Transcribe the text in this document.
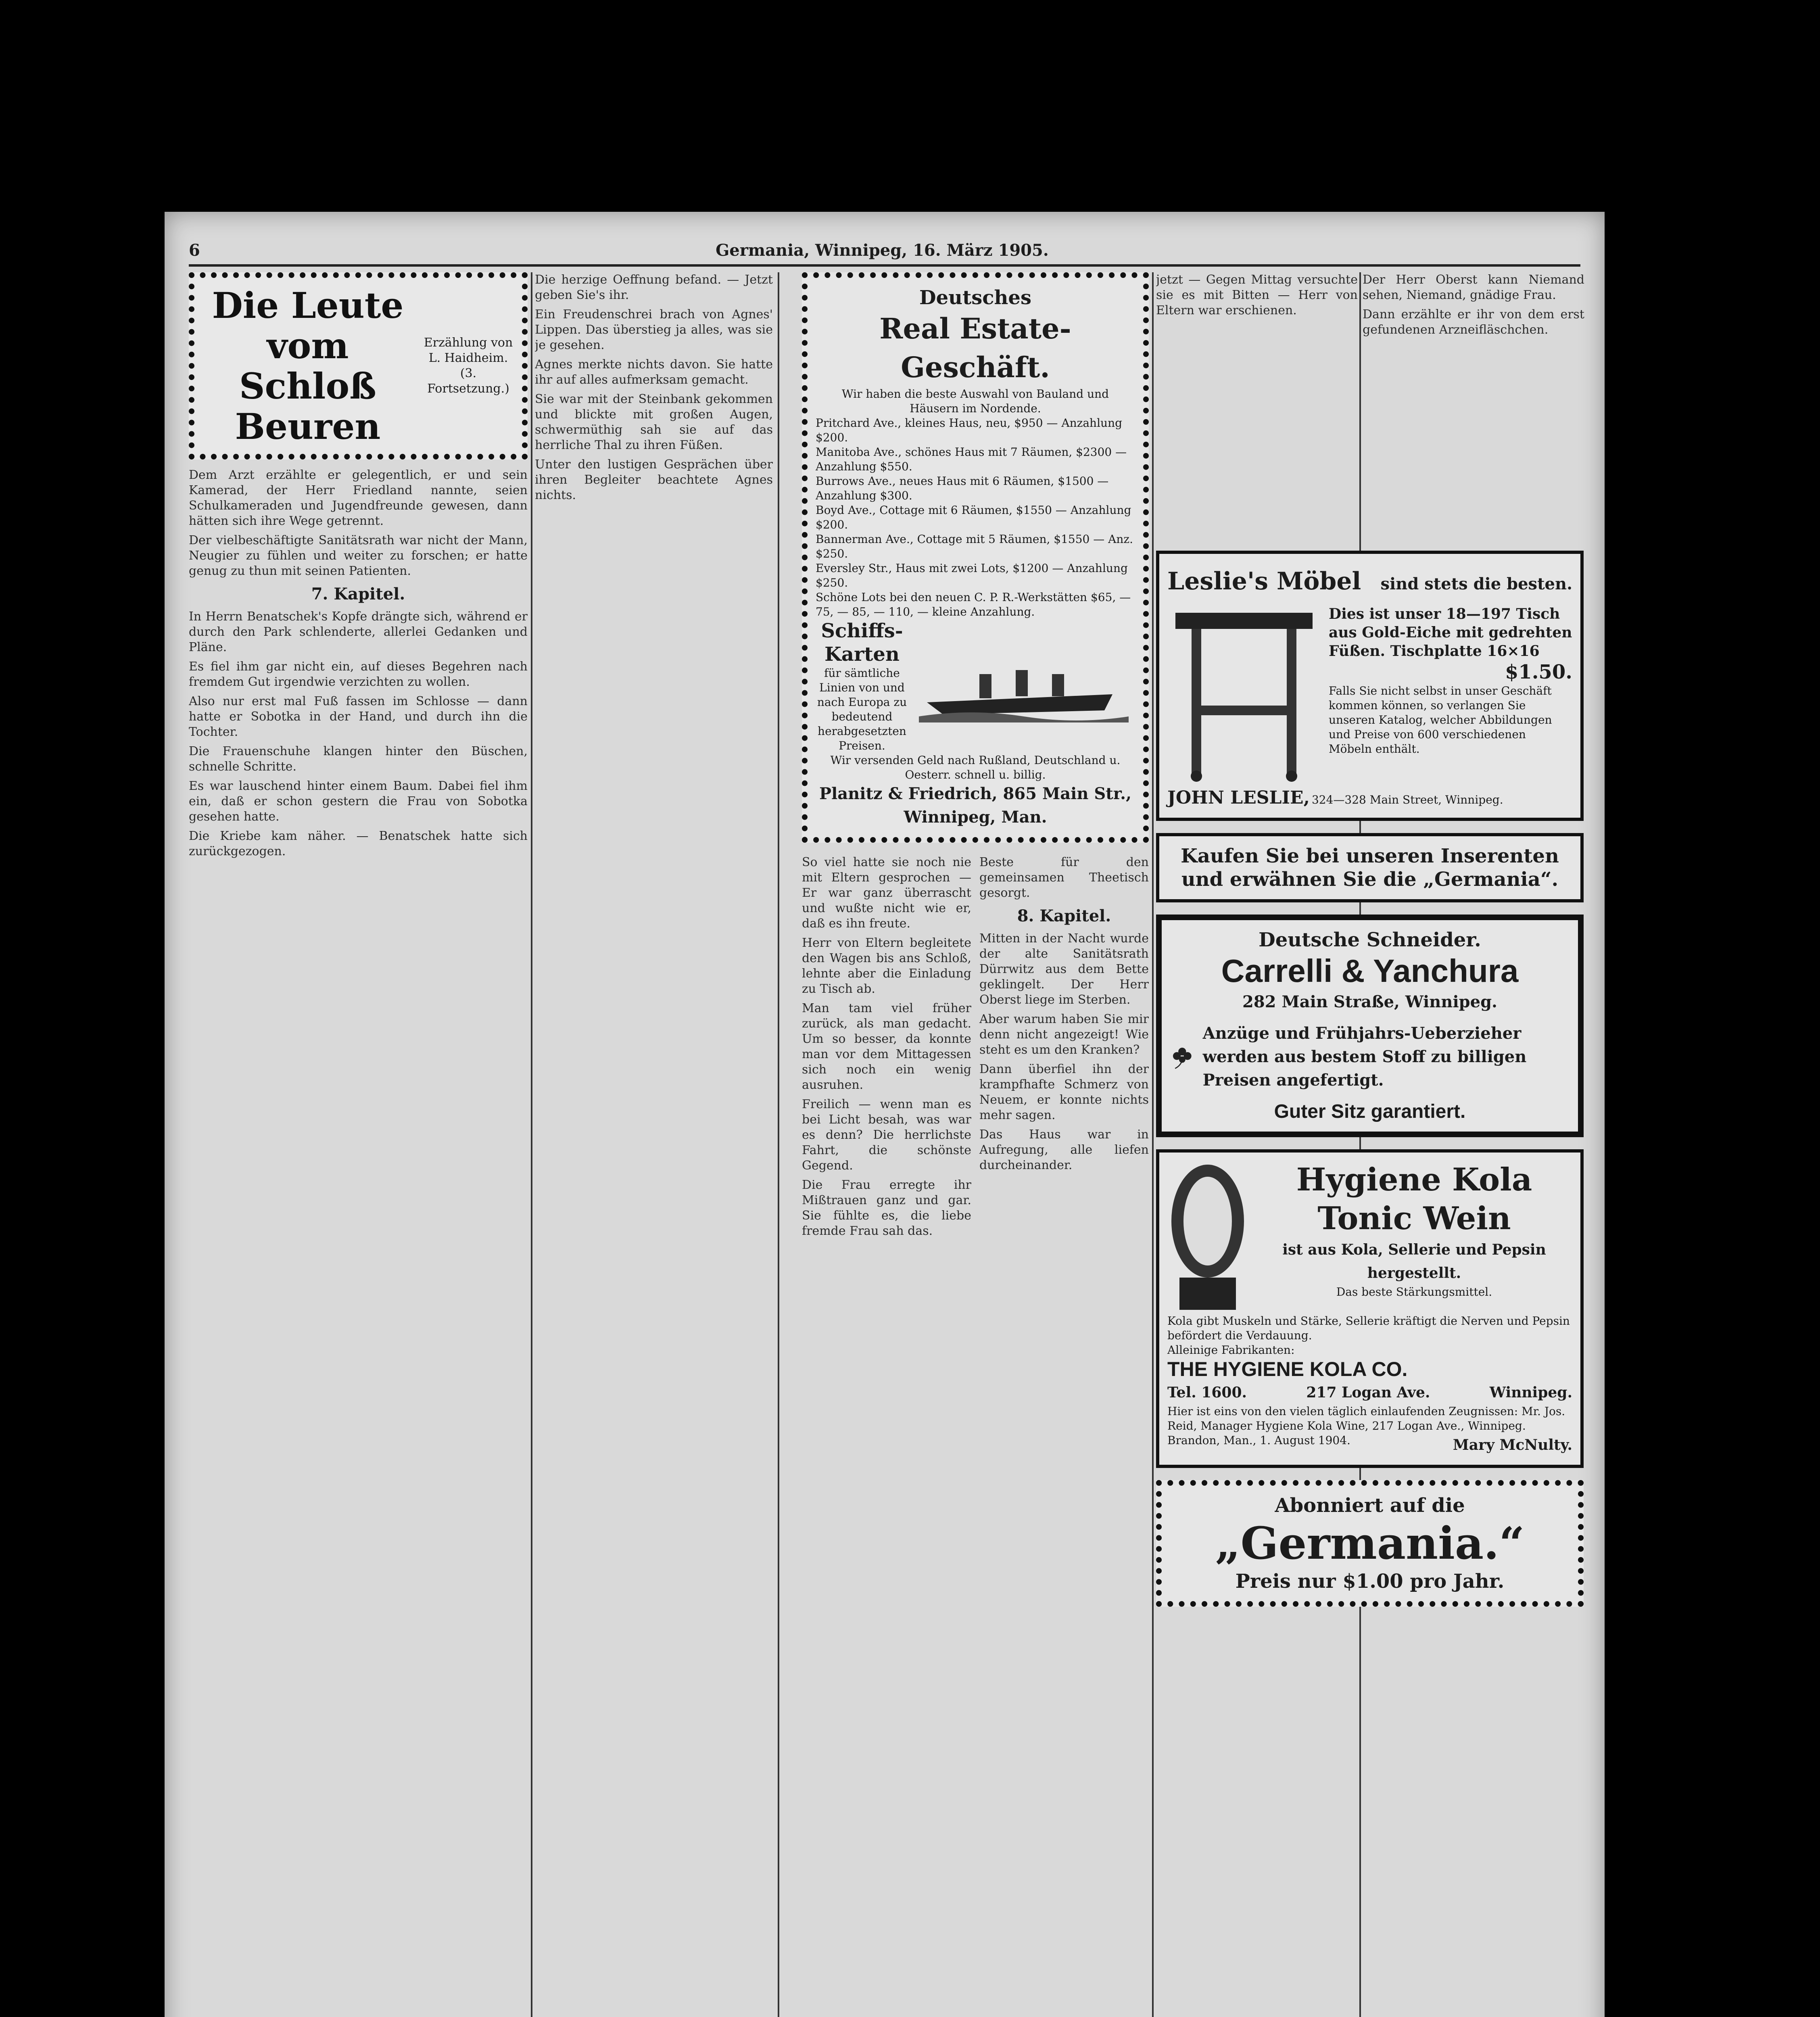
6	Germania, Winnipeg, 16. März 1905.
Die Leute vom
Schloß Beuren
Erzählung von L. Haidheim.
(3. Fortsetzung.)

Dem Arzt erzählte er gelegentlich, er und sein Kamerad, der Herr Friedland nannte, seien Schulkameraden und Jugendfreunde gewesen, dann hätten sich ihre Wege getrennt.

Der vielbeschäftigte Sanitätsrath war nicht der Mann, Neugier zu fühlen und weiter zu forschen; er hatte genug zu thun mit seinen Patienten.

7. Kapitel.

In Herrn Benatschek's Kopfe drängte sich, während er durch den Park schlenderte, allerlei Gedanken und Pläne.

Es fiel ihm gar nicht ein, auf dieses Begehren nach fremdem Gut irgendwie verzichten zu wollen.

Also nur erst mal Fuß fassen im Schlosse — dann hatte er Sobotka in der Hand, und durch ihn die Tochter.

Die Frauenschuhe klangen hinter den Büschen, schnelle Schritte.

Es war lauschend hinter einem Baum. Dabei fiel ihm ein, daß er schon gestern die Frau von Sobotka gesehen hatte.

Die Kriebe kam näher. — Benatschek hatte sich zurückgezogen.

Die herzige Oeffnung befand. — Jetzt geben Sie's ihr.

Ein Freudenschrei brach von Agnes' Lippen. Das überstieg ja alles, was sie je gesehen.

Agnes merkte nichts davon. Sie hatte ihr auf alles aufmerksam gemacht.

Sie war mit der Steinbank gekommen und blickte mit großen Augen, schwermüthig sah sie auf das herrliche Thal zu ihren Füßen.

Unter den lustigen Gesprächen über ihren Begleiter beachtete Agnes nichts.

Deutsches
Real Estate-Geschäft.
Wir haben die beste Auswahl von Bauland und Häusern im Nordende.
Pritchard Ave., kleines Haus, neu, $950 — Anzahlung $200.
Manitoba Ave., schönes Haus mit 7 Räumen, $2300 — Anzahlung $550.
Burrows Ave., neues Haus mit 6 Räumen, $1500 — Anzahlung $300.
Boyd Ave., Cottage mit 6 Räumen, $1550 — Anzahlung $200.
Bannerman Ave., Cottage mit 5 Räumen, $1550 — Anz. $250.
Eversley Str., Haus mit zwei Lots, $1200 — Anzahlung $250.
Schöne Lots bei den neuen C. P. R.-Werkstätten $65, — 75, — 85, — 110, — kleine Anzahlung.
Schiffs-Karten
für sämtliche Linien von und nach Europa zu bedeutend herabgesetzten Preisen.
Wir versenden Geld nach Rußland, Deutschland u. Oesterr. schnell u. billig.
Planitz & Friedrich, 865 Main Str.,
Winnipeg, Man.

So viel hatte sie noch nie mit Eltern gesprochen — Er war ganz überrascht und wußte nicht wie er, daß es ihn freute.

Herr von Eltern begleitete den Wagen bis ans Schloß, lehnte aber die Einladung zu Tisch ab.

Man tam viel früher zurück, als man gedacht. Um so besser, da konnte man vor dem Mittagessen sich noch ein wenig ausruhen.

Freilich — wenn man es bei Licht besah, was war es denn? Die herrlichste Fahrt, die schönste Gegend.

Die Frau erregte ihr Mißtrauen ganz und gar. Sie fühlte es, die liebe fremde Frau sah das.

Beste für den gemeinsamen Theetisch gesorgt.

8. Kapitel.

Mitten in der Nacht wurde der alte Sanitätsrath Dürrwitz aus dem Bette geklingelt. Der Herr Oberst liege im Sterben.

Aber warum haben Sie mir denn nicht angezeigt! Wie steht es um den Kranken?

Dann überfiel ihn der krampfhafte Schmerz von Neuem, er konnte nichts mehr sagen.

Das Haus war in Aufregung, alle liefen durcheinander.

jetzt — Gegen Mittag versuchte sie es mit Bitten — Herr von Eltern war erschienen.

Der Herr Oberst kann Niemand sehen, Niemand, gnädige Frau.

Dann erzählte er ihr von dem erst gefundenen Arzneifläschchen.

Leslie's Möbel sind stets die besten.
Dies ist unser 18—197 Tisch aus Gold-Eiche mit gedrehten Füßen. Tischplatte 16×16
$1.50.
Falls Sie nicht selbst in unser Geschäft kommen können, so verlangen Sie unseren Katalog, welcher Abbildungen und Preise von 600 verschiedenen Möbeln enthält.
JOHN LESLIE, 324—328 Main Street, Winnipeg.
Kaufen Sie bei unseren Inserenten
und erwähnen Sie die „Germania“.
Deutsche Schneider.
Carrelli & Yanchura
282 Main Straße, Winnipeg.
Anzüge und Frühjahrs-Ueberzieher werden aus bestem Stoff zu billigen Preisen angefertigt.
Guter Sitz garantiert.
Hygiene Kola
Tonic Wein
ist aus Kola, Sellerie und Pepsin hergestellt.
Das beste Stärkungsmittel.
Kola gibt Muskeln und Stärke, Sellerie kräftigt die Nerven und Pepsin befördert die Verdauung.
Alleinige Fabrikanten:
THE HYGIENE KOLA CO.
Tel. 1600.	217 Logan Ave.	Winnipeg.
Hier ist eins von den vielen täglich einlaufenden Zeugnissen: Mr. Jos. Reid, Manager Hygiene Kola Wine, 217 Logan Ave., Winnipeg.
Brandon, Man., 1. August 1904.	Mary McNulty.
Abonniert auf die
„Germania.“
Preis nur $1.00 pro Jahr.
